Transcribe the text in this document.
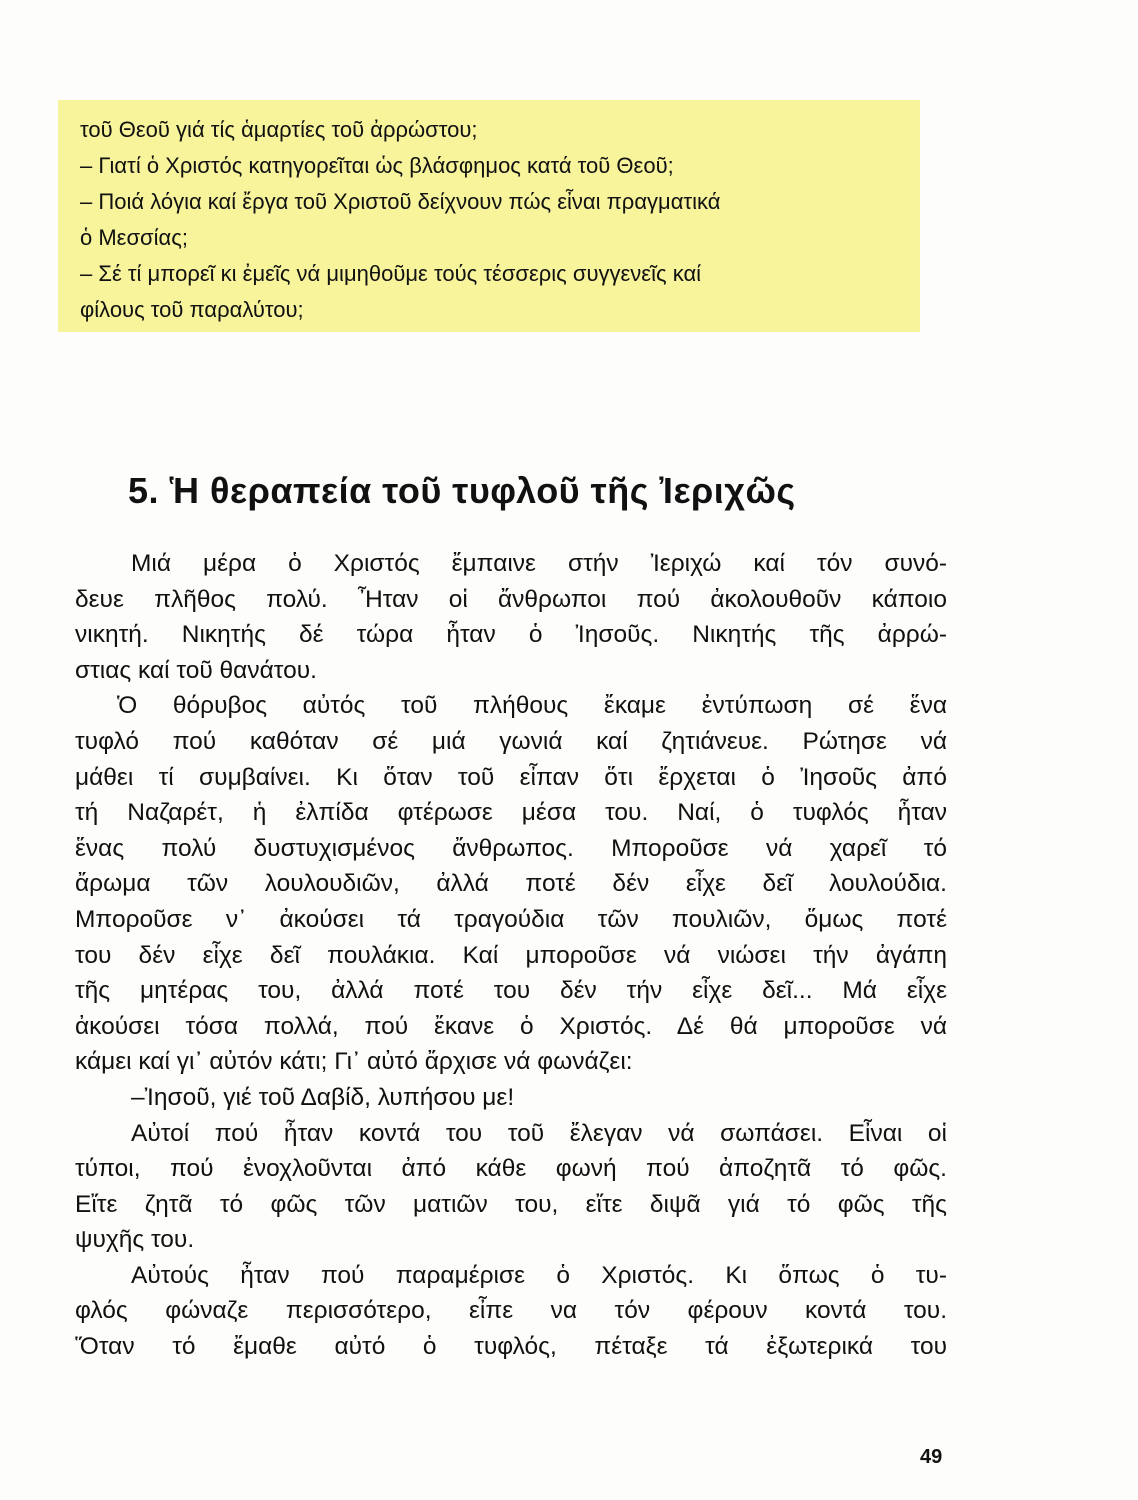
τοῦ Θεοῦ γιά τίς ἁμαρτίες τοῦ ἀρρώστου;
– Γιατί ὁ Χριστός κατηγορεῖται ὡς βλάσφημος κατά τοῦ Θεοῦ;
– Ποιά λόγια καί ἔργα τοῦ Χριστοῦ δείχνουν πώς εἶναι πραγματικά
ὁ Μεσσίας;
– Σέ τί μπορεῖ κι ἐμεῖς νά μιμηθοῦμε τούς τέσσερις συγγενεῖς καί
φίλους τοῦ παραλύτου;
5. Ἡ θεραπεία τοῦ τυφλοῦ τῆς Ἰεριχῶς
Μιά μέρα ὁ Χριστός ἔμπαινε στήν Ἰεριχώ καί τόν συνό-
δευε πλῆθος πολύ. Ἦταν οἱ ἄνθρωποι πού ἀκολουθοῦν κάποιο
νικητή. Νικητής δέ τώρα ἦταν ὁ Ἰησοῦς. Νικητής τῆς ἀρρώ-
στιας καί τοῦ θανάτου.
Ὁ θόρυβος αὐτός τοῦ πλήθους ἔκαμε ἐντύπωση σέ ἕνα
τυφλό πού καθόταν σέ μιά γωνιά καί ζητιάνευε. Ρώτησε νά
μάθει τί συμβαίνει. Κι ὅταν τοῦ εἶπαν ὅτι ἔρχεται ὁ Ἰησοῦς ἀπό
τή Ναζαρέτ, ἡ ἐλπίδα φτέρωσε μέσα του. Ναί, ὁ τυφλός ἦταν
ἕνας πολύ δυστυχισμένος ἄνθρωπος. Μποροῦσε νά χαρεῖ τό
ἄρωμα τῶν λουλουδιῶν, ἀλλά ποτέ δέν εἶχε δεῖ λουλούδια.
Μποροῦσε ν᾽ ἀκούσει τά τραγούδια τῶν πουλιῶν, ὅμως ποτέ
του δέν εἶχε δεῖ πουλάκια. Καί μποροῦσε νά νιώσει τήν ἀγάπη
τῆς μητέρας του, ἀλλά ποτέ του δέν τήν εἶχε δεῖ... Μά εἶχε
ἀκούσει τόσα πολλά, πού ἔκανε ὁ Χριστός. Δέ θά μποροῦσε νά
κάμει καί γι᾽ αὐτόν κάτι; Γι᾽ αὐτό ἄρχισε νά φωνάζει:
–Ἰησοῦ, γιέ τοῦ Δαβίδ, λυπήσου με!
Αὐτοί πού ἦταν κοντά του τοῦ ἔλεγαν νά σωπάσει. Εἶναι οἱ
τύποι, πού ἐνοχλοῦνται ἀπό κάθε φωνή πού ἀποζητᾶ τό φῶς.
Εἴτε ζητᾶ τό φῶς τῶν ματιῶν του, εἴτε διψᾶ γιά τό φῶς τῆς
ψυχῆς του.
Αὐτούς ἦταν πού παραμέρισε ὁ Χριστός. Κι ὅπως ὁ τυ-
φλός φώναζε περισσότερο, εἶπε να τόν φέρουν κοντά του.
Ὅταν τό ἔμαθε αὐτό ὁ τυφλός, πέταξε τά ἐξωτερικά του
49
